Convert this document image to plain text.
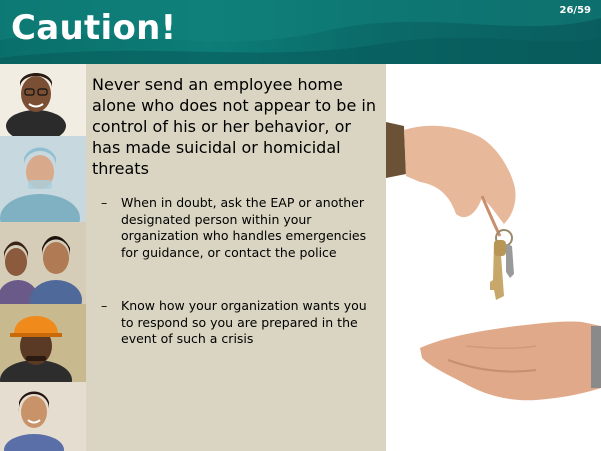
Caution!	26/59

Never send an employee home alone who does not appear to be in control of his or her behavior, or has made suicidal or homicidal threats

– When in doubt, ask the EAP or another designated person within your organization who handles emergencies for guidance, or contact the police
– Know how your organization wants you to respond so you are prepared in the event of such a crisis
